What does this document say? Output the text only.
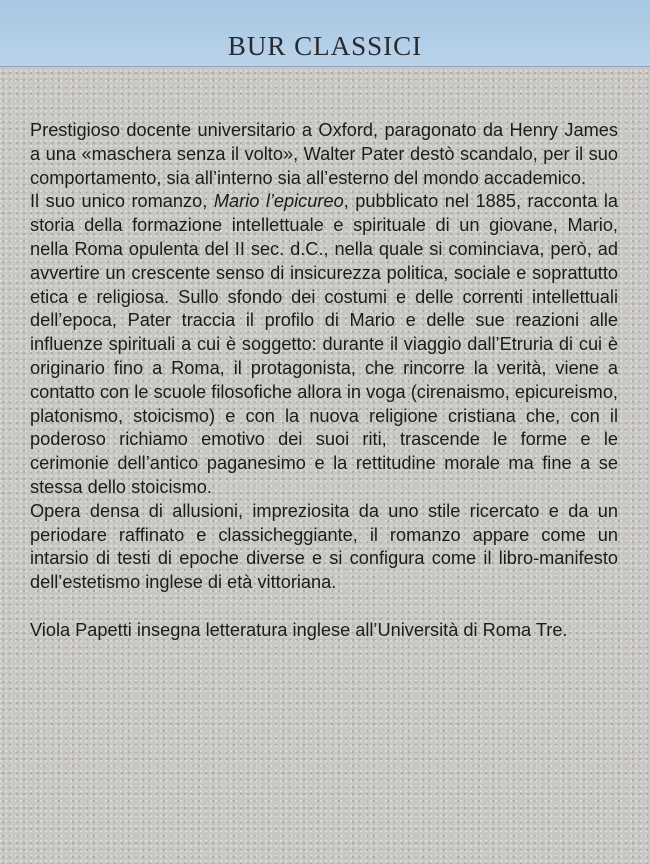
BUR CLASSICI

Prestigioso docente universitario a Oxford, paragonato da Henry James a una «maschera senza il volto», Walter Pater destò scandalo, per il suo comportamento, sia all’interno sia all’esterno del mondo accademico.

Il suo unico romanzo, Mario l’epicureo, pubblicato nel 1885, racconta la storia della formazione intellettuale e spirituale di un giovane, Mario, nella Roma opulenta del II sec. d.C., nella quale si cominciava, però, ad avvertire un crescente senso di insicurezza politica, sociale e soprattutto etica e religiosa. Sullo sfondo dei costumi e delle correnti intellettuali dell’epoca, Pater traccia il profilo di Mario e delle sue reazioni alle influenze spirituali a cui è soggetto: durante il viaggio dall’Etruria di cui è originario fino a Roma, il protagonista, che rincorre la verità, viene a contatto con le scuole filosofiche allora in voga (cirenaismo, epicureismo, platonismo, stoicismo) e con la nuova religione cristiana che, con il poderoso richiamo emotivo dei suoi riti, trascende le forme e le cerimonie dell’antico paganesimo e la rettitudine morale ma fine a se stessa dello stoicismo.

Opera densa di allusioni, impreziosita da uno stile ricercato e da un periodare raffinato e classicheggiante, il romanzo appare come un intarsio di testi di epoche diverse e si configura come il libro-manifesto dell’estetismo inglese di età vittoriana.

Viola Papetti insegna letteratura inglese all’Università di Roma Tre.
